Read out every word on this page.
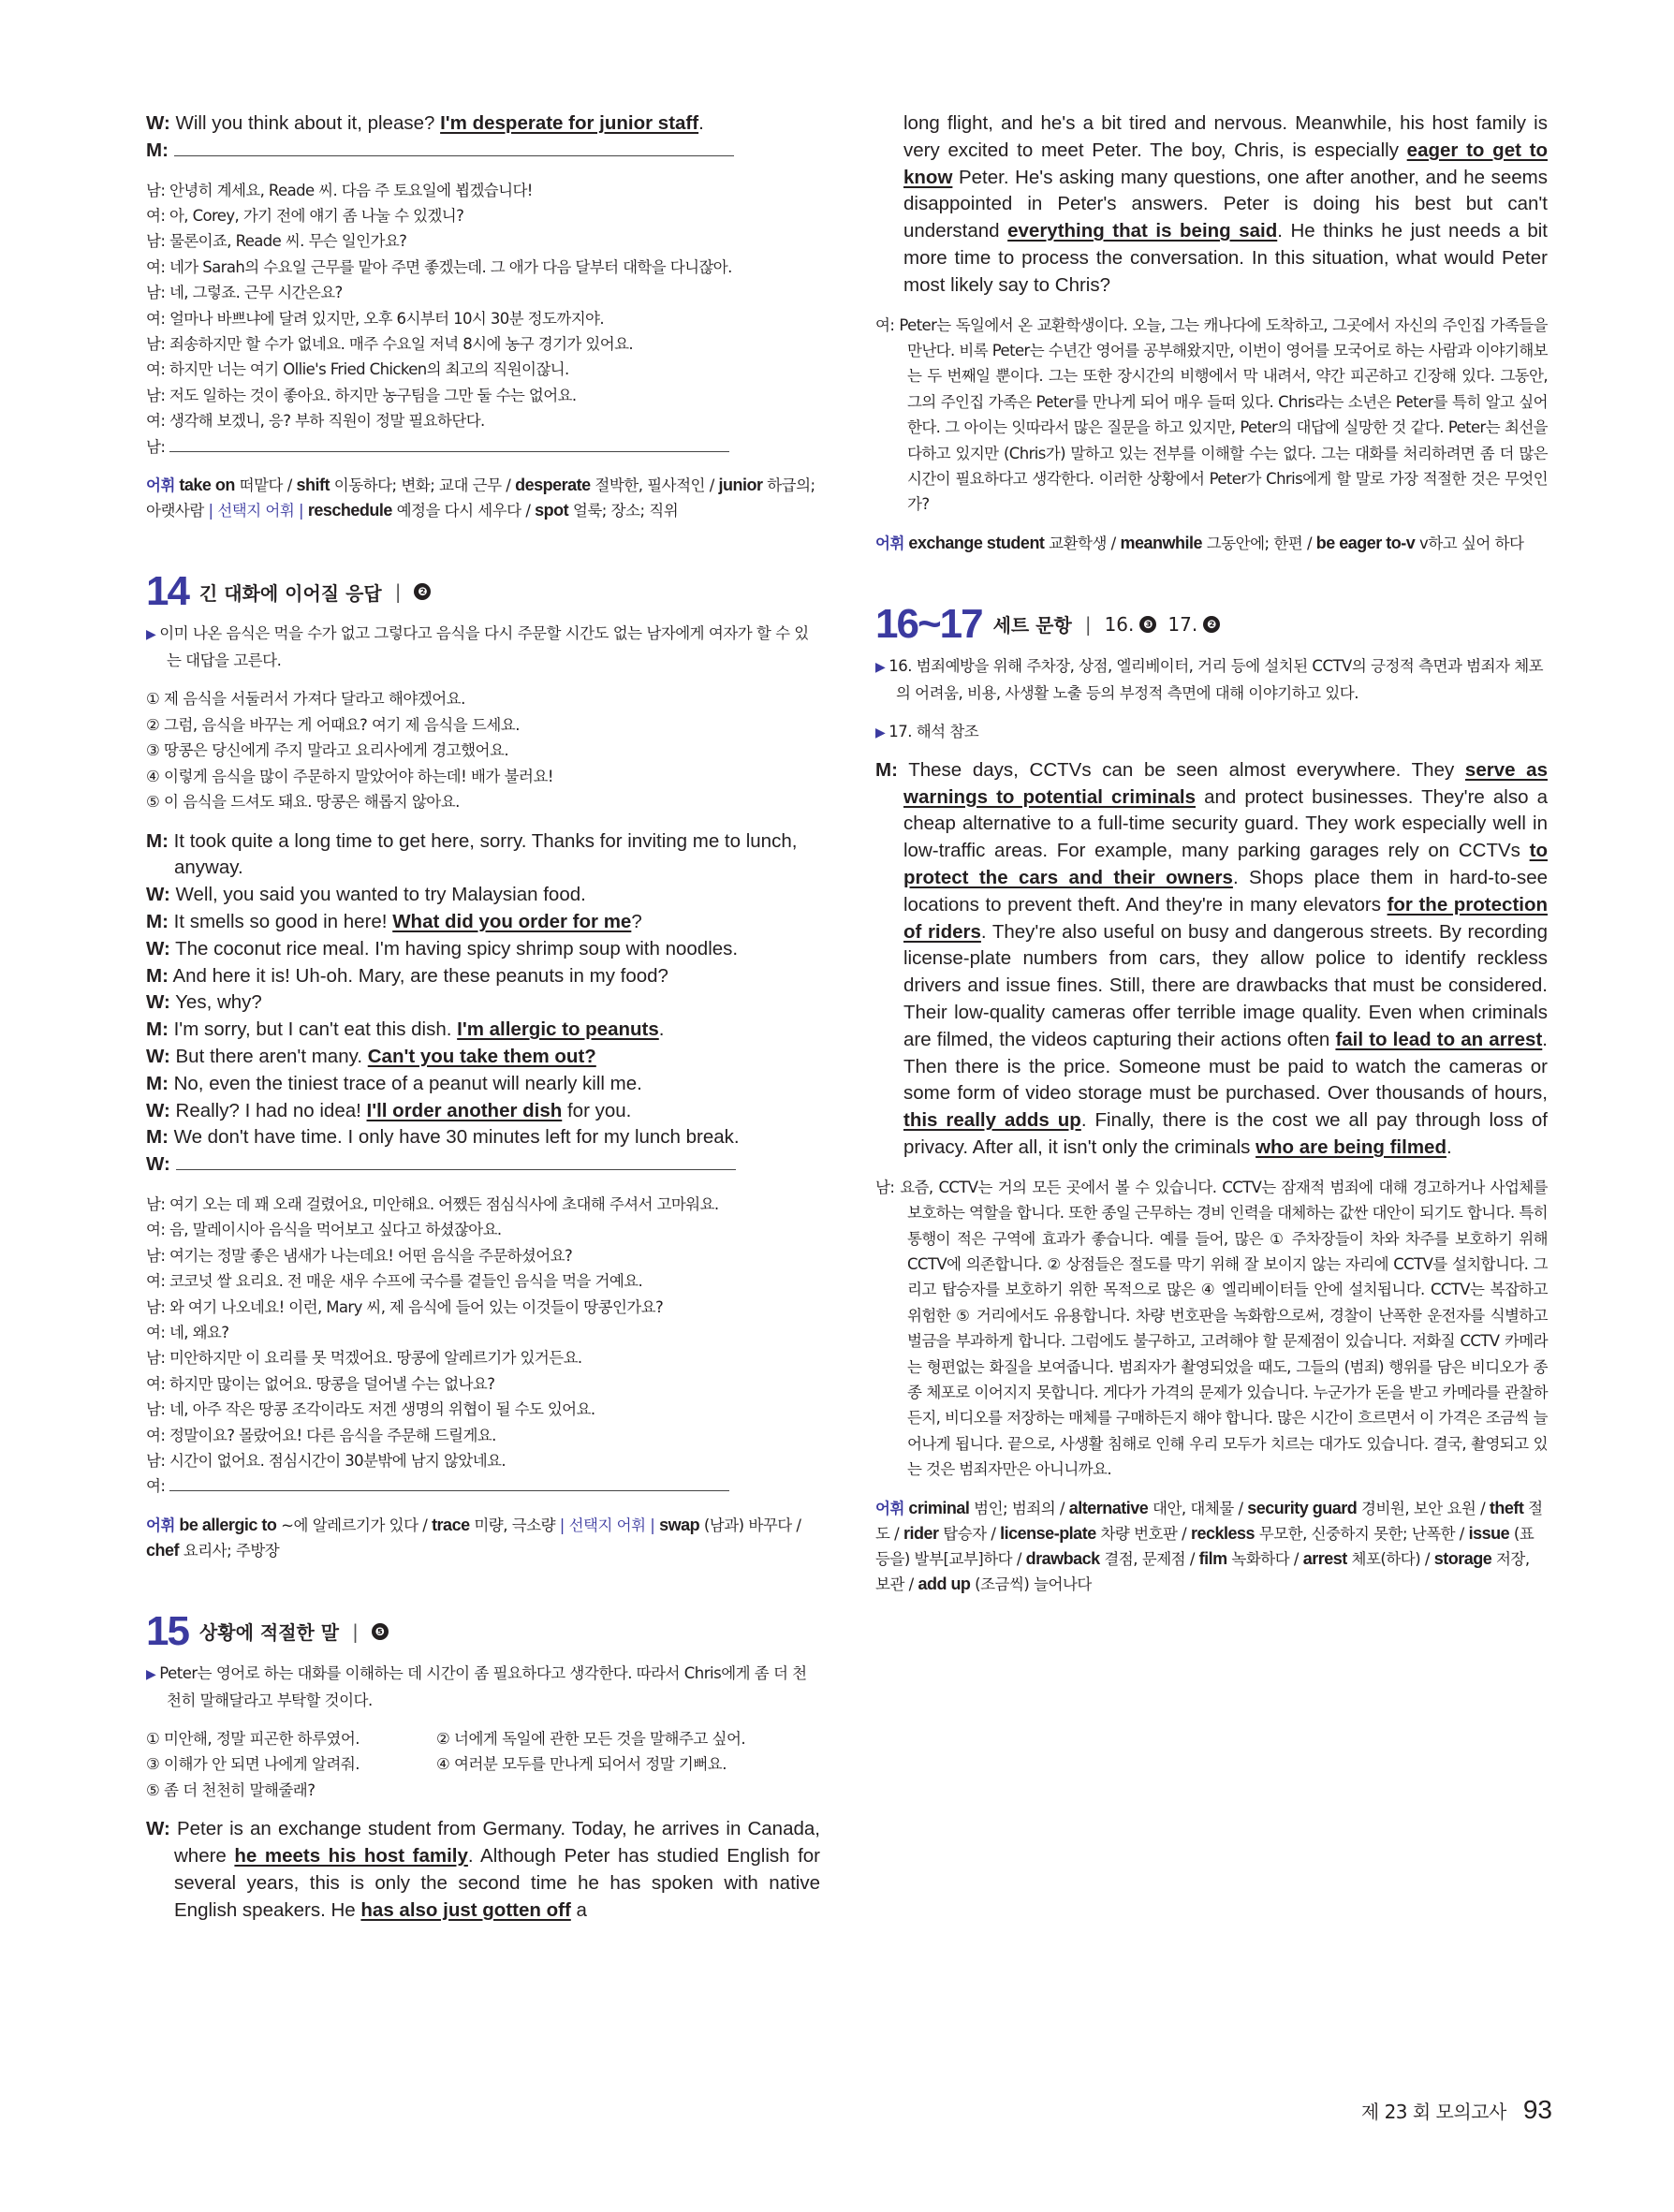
W: Will you think about it, please? I'm desperate for junior staff.

M:

남: 안녕히 계세요, Reade 씨. 다음 주 토요일에 뵙겠습니다!
여: 아, Corey, 가기 전에 얘기 좀 나눌 수 있겠니?
남: 물론이죠, Reade 씨. 무슨 일인가요?
여: 네가 Sarah의 수요일 근무를 맡아 주면 좋겠는데. 그 애가 다음 달부터 대학을 다니잖아.
남: 네, 그렇죠. 근무 시간은요?
여: 얼마나 바쁘냐에 달려 있지만, 오후 6시부터 10시 30분 정도까지야.
남: 죄송하지만 할 수가 없네요. 매주 수요일 저녁 8시에 농구 경기가 있어요.
여: 하지만 너는 여기 Ollie's Fried Chicken의 최고의 직원이잖니.
남: 저도 일하는 것이 좋아요. 하지만 농구팀을 그만 둘 수는 없어요.
여: 생각해 보겠니, 응? 부하 직원이 정말 필요하단다.
남:
어휘 take on 떠맡다 / shift 이동하다; 변화; 교대 근무 / desperate 절박한, 필사적인 / junior 하급의; 아랫사람 | 선택지 어휘 | reschedule 예정을 다시 세우다 / spot 얼룩; 장소; 직위
14 긴 대화에 이어질 응답 |	❷

▶ 이미 나온 음식은 먹을 수가 없고 그렇다고 음식을 다시 주문할 시간도 없는 남자에게 여자가 할 수 있는 대답을 고른다.

① 제 음식을 서둘러서 가져다 달라고 해야겠어요.
② 그럼, 음식을 바꾸는 게 어때요? 여기 제 음식을 드세요.
③ 땅콩은 당신에게 주지 말라고 요리사에게 경고했어요.
④ 이렇게 음식을 많이 주문하지 말았어야 하는데! 배가 불러요!
⑤ 이 음식을 드셔도 돼요. 땅콩은 해롭지 않아요.

M: It took quite a long time to get here, sorry. Thanks for inviting me to lunch, anyway.

W: Well, you said you wanted to try Malaysian food.

M: It smells so good in here! What did you order for me?

W: The coconut rice meal. I'm having spicy shrimp soup with noodles.

M: And here it is! Uh-oh. Mary, are these peanuts in my food?

W: Yes, why?

M: I'm sorry, but I can't eat this dish. I'm allergic to peanuts.

W: But there aren't many. Can't you take them out?

M: No, even the tiniest trace of a peanut will nearly kill me.

W: Really? I had no idea! I'll order another dish for you.

M: We don't have time. I only have 30 minutes left for my lunch break.

W:

남: 여기 오는 데 꽤 오래 걸렸어요, 미안해요. 어쨌든 점심식사에 초대해 주셔서 고마워요.
여: 음, 말레이시아 음식을 먹어보고 싶다고 하셨잖아요.
남: 여기는 정말 좋은 냄새가 나는데요! 어떤 음식을 주문하셨어요?
여: 코코넛 쌀 요리요. 전 매운 새우 수프에 국수를 곁들인 음식을 먹을 거예요.
남: 와 여기 나오네요! 이런, Mary 씨, 제 음식에 들어 있는 이것들이 땅콩인가요?
여: 네, 왜요?
남: 미안하지만 이 요리를 못 먹겠어요. 땅콩에 알레르기가 있거든요.
여: 하지만 많이는 없어요. 땅콩을 덜어낼 수는 없나요?
남: 네, 아주 작은 땅콩 조각이라도 저겐 생명의 위협이 될 수도 있어요.
여: 정말이요? 몰랐어요! 다른 음식을 주문해 드릴게요.
남: 시간이 없어요. 점심시간이 30분밖에 남지 않았네요.
여:
어휘 be allergic to ~에 알레르기가 있다 / trace 미량, 극소량 | 선택지 어휘 | swap (남과) 바꾸다 / chef 요리사; 주방장
15 상황에 적절한 말 |	❺

▶ Peter는 영어로 하는 대화를 이해하는 데 시간이 좀 필요하다고 생각한다. 따라서 Chris에게 좀 더 천천히 말해달라고 부탁할 것이다.

① 미안해, 정말 피곤한 하루였어.	② 너에게 독일에 관한 모든 것을 말해주고 싶어.
③ 이해가 안 되면 나에게 알려줘.	④ 여러분 모두를 만나게 되어서 정말 기뻐요.
⑤ 좀 더 천천히 말해줄래?

W: Peter is an exchange student from Germany. Today, he arrives in Canada, where he meets his host family. Although Peter has studied English for several years, this is only the second time he has spoken with native English speakers. He has also just gotten off a

long flight, and he's a bit tired and nervous. Meanwhile, his host family is very excited to meet Peter. The boy, Chris, is especially eager to get to know Peter. He's asking many questions, one after another, and he seems disappointed in Peter's answers. Peter is doing his best but can't understand everything that is being said. He thinks he just needs a bit more time to process the conversation. In this situation, what would Peter most likely say to Chris?

여: Peter는 독일에서 온 교환학생이다. 오늘, 그는 캐나다에 도착하고, 그곳에서 자신의 주인집 가족들을 만난다. 비록 Peter는 수년간 영어를 공부해왔지만, 이번이 영어를 모국어로 하는 사람과 이야기해보는 두 번째일 뿐이다. 그는 또한 장시간의 비행에서 막 내려서, 약간 피곤하고 긴장해 있다. 그동안, 그의 주인집 가족은 Peter를 만나게 되어 매우 들떠 있다. Chris라는 소년은 Peter를 특히 알고 싶어 한다. 그 아이는 잇따라서 많은 질문을 하고 있지만, Peter의 대답에 실망한 것 같다. Peter는 최선을 다하고 있지만 (Chris가) 말하고 있는 전부를 이해할 수는 없다. 그는 대화를 처리하려면 좀 더 많은 시간이 필요하다고 생각한다. 이러한 상황에서 Peter가 Chris에게 할 말로 가장 적절한 것은 무엇인가?

어휘 exchange student 교환학생 / meanwhile 그동안에; 한편 / be eager to-v v하고 싶어 하다
16~17 세트 문항 | 16. ❸ 17. ❷

▶ 16. 범죄예방을 위해 주차장, 상점, 엘리베이터, 거리 등에 설치된 CCTV의 긍정적 측면과 범죄자 체포의 어려움, 비용, 사생활 노출 등의 부정적 측면에 대해 이야기하고 있다.

▶ 17. 해석 참조

M: These days, CCTVs can be seen almost everywhere. They serve as warnings to potential criminals and protect businesses. They're also a cheap alternative to a full-time security guard. They work especially well in low-traffic areas. For example, many parking garages rely on CCTVs to protect the cars and their owners. Shops place them in hard-to-see locations to prevent theft. And they're in many elevators for the protection of riders. They're also useful on busy and dangerous streets. By recording license-plate numbers from cars, they allow police to identify reckless drivers and issue fines. Still, there are drawbacks that must be considered. Their low-quality cameras offer terrible image quality. Even when criminals are filmed, the videos capturing their actions often fail to lead to an arrest. Then there is the price. Someone must be paid to watch the cameras or some form of video storage must be purchased. Over thousands of hours, this really adds up. Finally, there is the cost we all pay through loss of privacy. After all, it isn't only the criminals who are being filmed.

남: 요즘, CCTV는 거의 모든 곳에서 볼 수 있습니다. CCTV는 잠재적 범죄에 대해 경고하거나 사업체를 보호하는 역할을 합니다. 또한 종일 근무하는 경비 인력을 대체하는 값싼 대안이 되기도 합니다. 특히 통행이 적은 구역에 효과가 좋습니다. 예를 들어, 많은 ① 주차장들이 차와 차주를 보호하기 위해 CCTV에 의존합니다. ② 상점들은 절도를 막기 위해 잘 보이지 않는 자리에 CCTV를 설치합니다. 그리고 탑승자를 보호하기 위한 목적으로 많은 ④ 엘리베이터들 안에 설치됩니다. CCTV는 복잡하고 위험한 ⑤ 거리에서도 유용합니다. 차량 번호판을 녹화함으로써, 경찰이 난폭한 운전자를 식별하고 벌금을 부과하게 합니다. 그럼에도 불구하고, 고려해야 할 문제점이 있습니다. 저화질 CCTV 카메라는 형편없는 화질을 보여줍니다. 범죄자가 촬영되었을 때도, 그들의 (범죄) 행위를 담은 비디오가 종종 체포로 이어지지 못합니다. 게다가 가격의 문제가 있습니다. 누군가가 돈을 받고 카메라를 관찰하든지, 비디오를 저장하는 매체를 구매하든지 해야 합니다. 많은 시간이 흐르면서 이 가격은 조금씩 늘어나게 됩니다. 끝으로, 사생활 침해로 인해 우리 모두가 치르는 대가도 있습니다. 결국, 촬영되고 있는 것은 범죄자만은 아니니까요.

어휘 criminal 범인; 범죄의 / alternative 대안, 대체물 / security guard 경비원, 보안 요원 / theft 절도 / rider 탑승자 / license-plate 차량 번호판 / reckless 무모한, 신중하지 못한; 난폭한 / issue (표 등을) 발부[교부]하다 / drawback 결점, 문제점 / film 녹화하다 / arrest 체포(하다) / storage 저장, 보관 / add up (조금씩) 늘어나다
제 23 회 모의고사 93
